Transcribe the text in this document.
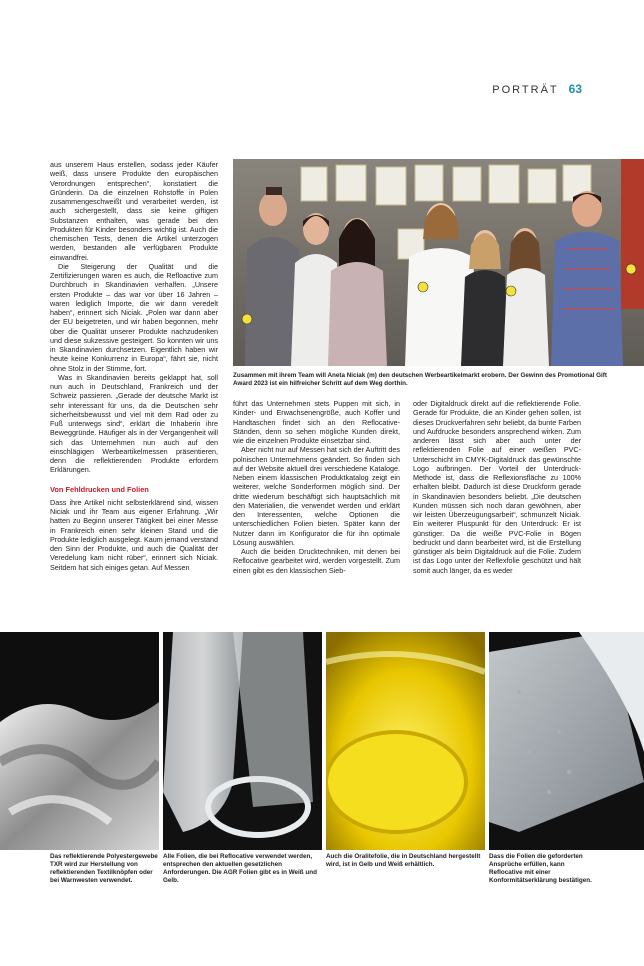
PORTRÄT 63

aus unserem Haus erstellen, sodass jeder Käufer weiß, dass unsere Produkte den europäischen Verordnungen entsprechen“, konstatiert die Gründerin. Da die einzelnen Rohstoffe in Polen zusammengeschweißt und verarbeitet werden, ist auch sichergestellt, dass sie keine giftigen Substanzen enthalten, was gerade bei den Produkten für Kinder besonders wichtig ist. Auch die chemischen Tests, denen die Artikel unterzogen werden, bestanden alle verfügbaren Produkte einwandfrei.

Die Steigerung der Qualität und die Zertifizierungen waren es auch, die Refloactive zum Durchbruch in Skandinavien verhalfen. „Unsere ersten Produkte – das war vor über 16 Jahren – waren lediglich Importe, die wir dann veredelt haben“, erinnert sich Niciak. „Polen war dann aber der EU beigetreten, und wir haben begonnen, mehr über die Qualität unserer Produkte nachzudenken und diese sukzessive gesteigert. So konnten wir uns in Skandinavien durchsetzen. Eigentlich haben wir heute keine Konkurrenz in Europa“, fährt sie, nicht ohne Stolz in der Stimme, fort.

Was in Skandinavien bereits geklappt hat, soll nun auch in Deutschland, Frankreich und der Schweiz passieren. „Gerade der deutsche Markt ist sehr interessant für uns, da die Deutschen sehr sicherheitsbewusst und viel mit dem Rad oder zu Fuß unterwegs sind“, erklärt die Inhaberin ihre Beweggründe. Häufiger als in der Vergangenheit will sich das Unternehmen nun auch auf den einschlägigen Werbeartikelmessen präsentieren, denn die reflektierenden Produkte erfordern Erklärungen.

Von Fehldrucken und Folien

Dass ihre Artikel nicht selbsterklärend sind, wissen Niciak und ihr Team aus eigener Erfahrung. „Wir hatten zu Beginn unserer Tätigkeit bei einer Messe in Frankreich einen sehr kleinen Stand und die Produkte lediglich ausgelegt. Kaum jemand verstand den Sinn der Produkte, und auch die Qualität der Veredelung kam nicht rüber“, erinnert sich Niciak. Seitdem hat sich einiges getan. Auf Messen

Zusammen mit ihrem Team will Aneta Niciak (m) den deutschen Werbeartikelmarkt erobern. Der Gewinn des Promotional Gift Award 2023 ist ein hilfreicher Schritt auf dem Weg dorthin.

führt das Unternehmen stets Puppen mit sich, in Kinder- und Erwachsenengröße, auch Koffer und Handtaschen findet sich an den Reflocative-Ständen, denn so sehen mögliche Kunden direkt, wie die einzelnen Produkte einsetzbar sind.

Aber nicht nur auf Messen hat sich der Auftritt des polnischen Unternehmens geändert. So finden sich auf der Website aktuell drei verschiedene Kataloge. Neben einem klassischen Produktkatalog zeigt ein weiterer, welche Sonderformen möglich sind. Der dritte wiederum beschäftigt sich hauptsächlich mit den Materialien, die verwendet werden und erklärt den Interessenten, welche Optionen die unterschiedlichen Folien bieten. Später kann der Nutzer dann im Konfigurator die für ihn optimale Lösung auswählen.

Auch die beiden Drucktechniken, mit denen bei Reflocative gearbeitet wird, werden vorgestellt. Zum einen gibt es den klassischen Sieb-

oder Digitaldruck direkt auf die reflektierende Folie. Gerade für Produkte, die an Kinder gehen sollen, ist dieses Druckverfahren sehr beliebt, da bunte Farben und Aufdrucke besonders ansprechend wirken. Zum anderen lässt sich aber auch unter der reflektierenden Folie auf einer weißen PVC-Unterschicht im CMYK-Digitaldruck das gewünschte Logo aufbringen. Der Vorteil der Unterdruck-Methode ist, dass die Reflexionsfläche zu 100% erhalten bleibt. Dadurch ist diese Druckform gerade in Skandinavien besonders beliebt. „Die deutschen Kunden müssen sich noch daran gewöhnen, aber wir leisten Überzeugungsarbeit“, schmunzelt Niciak. Ein weiterer Pluspunkt für den Unterdruck: Er ist günstiger. Da die weiße PVC-Folie in Bögen bedruckt und dann bearbeitet wird, ist die Erstellung günstiger als beim Digitaldruck auf die Folie. Zudem ist das Logo unter der Reflexfolie geschützt und hält somit auch länger, da es weder

Das reflektierende Polyestergewebe TXR wird zur Herstellung von reflektierenden Textilknöpfen oder bei Warnwesten verwendet.
Alle Folien, die bei Reflocative verwendet werden, entsprechen den aktuellen gesetzlichen Anforderungen. Die AGR Folien gibt es in Weiß und Gelb.
Auch die Oralitefolie, die in Deutschland hergestellt wird, ist in Gelb und Weiß erhältlich.
Dass die Folien die geforderten Ansprüche erfüllen, kann Reflocative mit einer Konformitätserklärung bestätigen.
